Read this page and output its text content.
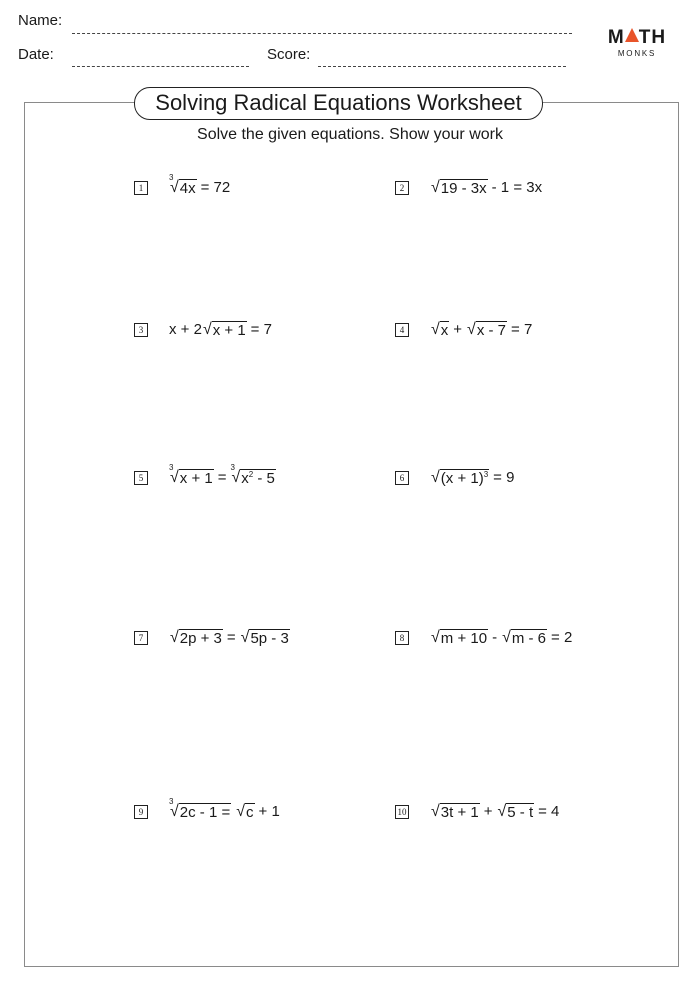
Name:
Date:	Score:
M TH
MONKS
Solving Radical Equations Worksheet
Solve the given equations. Show your work
1
3
√ 4x = 72	2 √ 19 - 3x - 1 = 3x
3	x + 2 √ x + 1 = 7	4 √ x + √ x - 7 = 7
5
3
√ x + 1 =
3
√ $x^2 - 5$	6 √ $(x + 1)^3 = 9$
7 √ 2p + 3 = √ 5p - 3	8 √ m + 10 - √ m - 6 = 2
9
3
√ 2c - 1 = √ c + 1	10 √ 3t + 1 + √ 5 - t = 4
